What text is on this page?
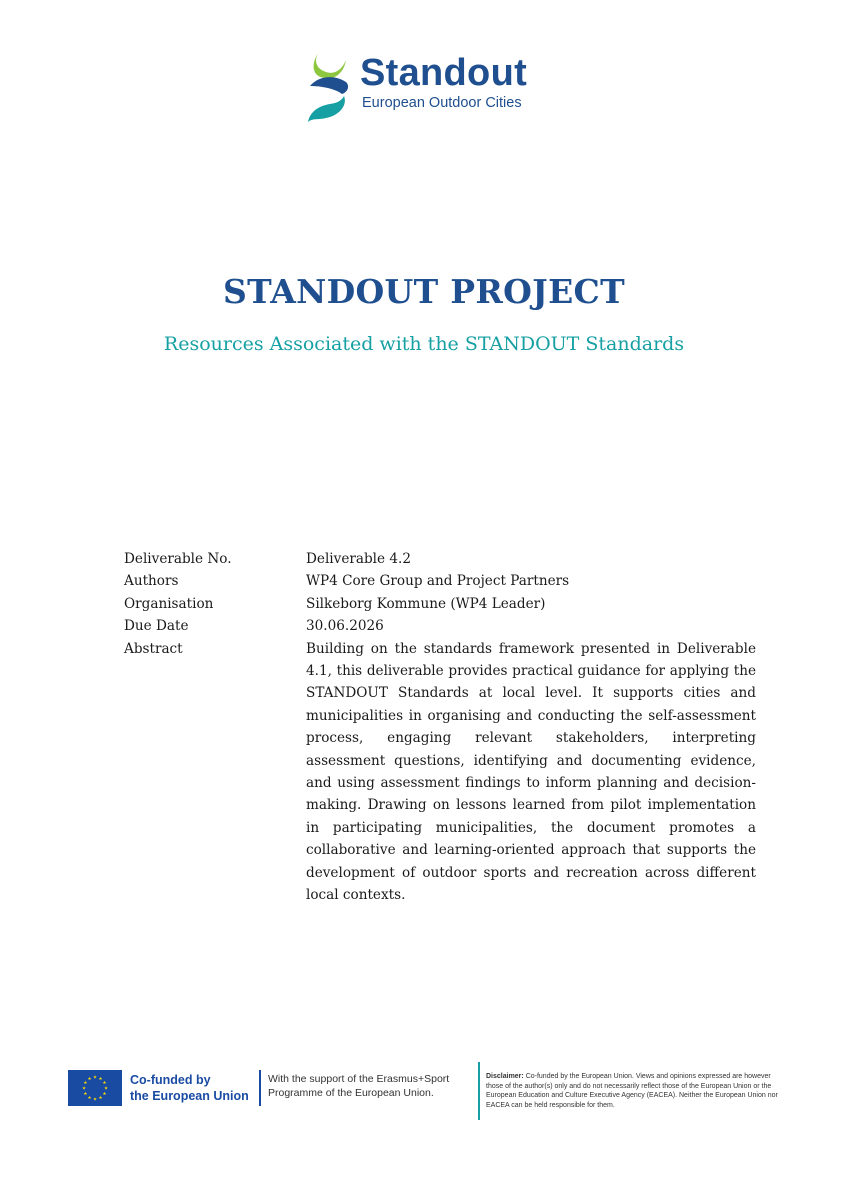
Standout
European Outdoor Cities
STANDOUT PROJECT
Resources Associated with the STANDOUT Standards
Deliverable No.	Deliverable 4.2
Authors	WP4 Core Group and Project Partners
Organisation	Silkeborg Kommune (WP4 Leader)
Due Date	30.06.2026
Abstract	Building on the standards framework presented in Deliverable 4.1, this deliverable provides practical guidance for applying the STANDOUT Standards at local level. It supports cities and municipalities in organising and conducting the self-assessment process, engaging relevant stakeholders, interpreting assessment questions, identifying and documenting evidence, and using assessment findings to inform planning and decision-making. Drawing on lessons learned from pilot implementation in participating municipalities, the document promotes a collaborative and learning-oriented approach that supports the development of outdoor sports and recreation across different local contexts.
★ ★
★
★
★
★
★
★
★
★
★
★	Co-funded by
the European Union
With the support of the Erasmus+Sport Programme of the European Union.
Disclaimer: Co-funded by the European Union. Views and opinions expressed are however those of the author(s) only and do not necessarily reflect those of the European Union or the European Education and Culture Executive Agency (EACEA). Neither the European Union nor EACEA can be held responsible for them.
